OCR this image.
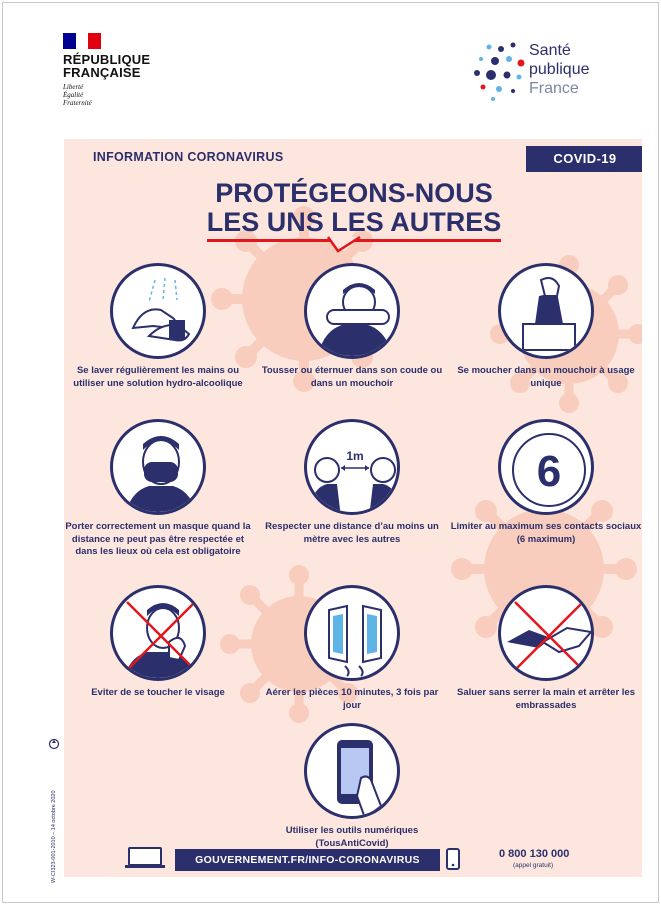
RÉPUBLIQUE
FRANÇAISE
Liberté
Égalité
Fraternité
Santé
publique
France
INFORMATION CORONAVIRUS	COVID-19
PROTÉGEONS-NOUS
LES UNS LES AUTRES
Se laver régulièrement les mains ou utiliser une solution hydro-alcoolique
Tousser ou éternuer dans son coude ou dans un mouchoir
Se moucher dans un mouchoir à usage unique
Porter correctement un masque quand la distance ne peut pas être respectée et dans les lieux où cela est obligatoire
1m
Respecter une distance d’au moins un mètre avec les autres
6
Limiter au maximum ses contacts sociaux (6 maximum)
Eviter de se toucher le visage	Aérer les pièces 10 minutes, 3 fois par jour
Saluer sans serrer la main et arrêter les embrassades
Utiliser les outils numériques (TousAntiCovid)
GOUVERNEMENT.FR/INFO-CORONAVIRUS	0 800 130 000
(appel gratuit)
W-CI323-001-2010 – 14 octobre 2020
